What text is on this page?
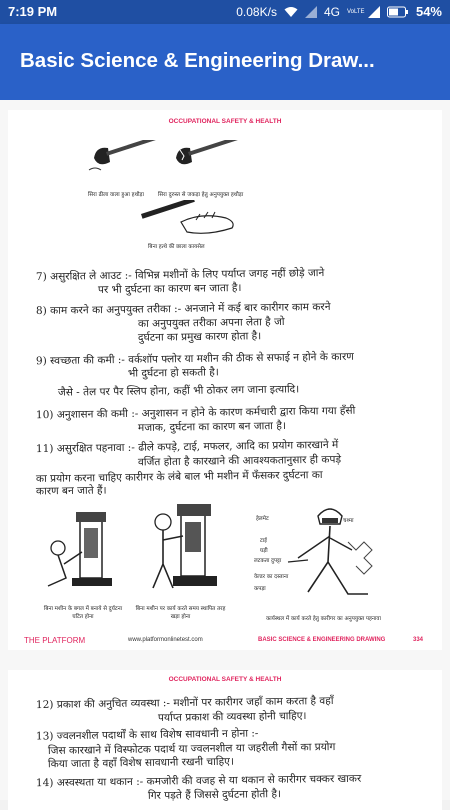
7:19 PM	0.08K/s	4G VoLTE	54%
Basic Science & Engineering Draw...
OCCUPATIONAL SAFETY & HEALTH
सिरा ढीला वाला हुआ हथौड़ा	सिरा दुरुस्त से जकड़ा हेतु अनुपयुक्त हथौड़ा
बिना हत्थे की छाला कायसेल
7) असुरक्षित ले आउट :- विभिन्न मशीनों के लिए पर्याप्त जगह नहीं छोड़े जाने
पर भी दुर्घटना का कारण बन जाता है।
8) काम करने का अनुपयुक्त तरीका :- अनजाने में कई बार कारीगर काम करने
का अनुपयुक्त तरीका अपना लेता है जो
दुर्घटना का प्रमुख कारण होता है।
9) स्वच्छता की कमी :- वर्कशॉप फ्लोर या मशीन की ठीक से सफाई न होने के कारण
भी दुर्घटना हो सकती है।
जैसे - तेल पर पैर स्लिप होना, कहीं भी ठोकर लग जाना इत्यादि।
10) अनुशासन की कमी :- अनुशासन न होने के कारण कर्मचारी द्वारा किया गया हँसी
मजाक, दुर्घटना का कारण बन जाता है।
11) असुरक्षित पहनावा :- ढीले कपड़े, टाई, मफलर, आदि का प्रयोग कारखाने में
वर्जित होता है कारखाने की आवश्यकतानुसार ही कपड़े
का प्रयोग करना चाहिए कारीगर के लंबे बाल भी मशीन में फँसकर दुर्घटना का
कारण बन जाते हैं।
बिना मशीन के बगल में बनाये से दुर्घटना घटित होना
बिना मशीन पर कार्य करते समय स्थापित तरह खड़ा होना
हेलमेट	चश्मा
टाई
घड़ी
लटकता दुपट्टा
वेल्डर का दस्ताना
कपड़ा
कार्यस्थल में कार्य करते हेतु कारीगर का अनुपयुक्त पहनावा
THE PLATFORM	www.platformonlinetest.com	BASIC SCIENCE & ENGINEERING DRAWING	334
OCCUPATIONAL SAFETY & HEALTH
12) प्रकाश की अनुचित व्यवस्था :- मशीनों पर कारीगर जहाँ काम करता है वहाँ
पर्याप्त प्रकाश की व्यवस्था होनी चाहिए।
13) ज्वलनशील पदार्थों के साथ विशेष सावधानी न होना :-
जिस कारखाने में विस्फोटक पदार्थ या ज्वलनशील या जहरीली गैसों का प्रयोग
किया जाता है वहाँ विशेष सावधानी रखनी चाहिए।
14) अस्वस्थता या थकान :- कमजोरी की वजह से या थकान से कारीगर चक्कर खाकर
गिर पड़ते हैं जिससे दुर्घटना होती है।
